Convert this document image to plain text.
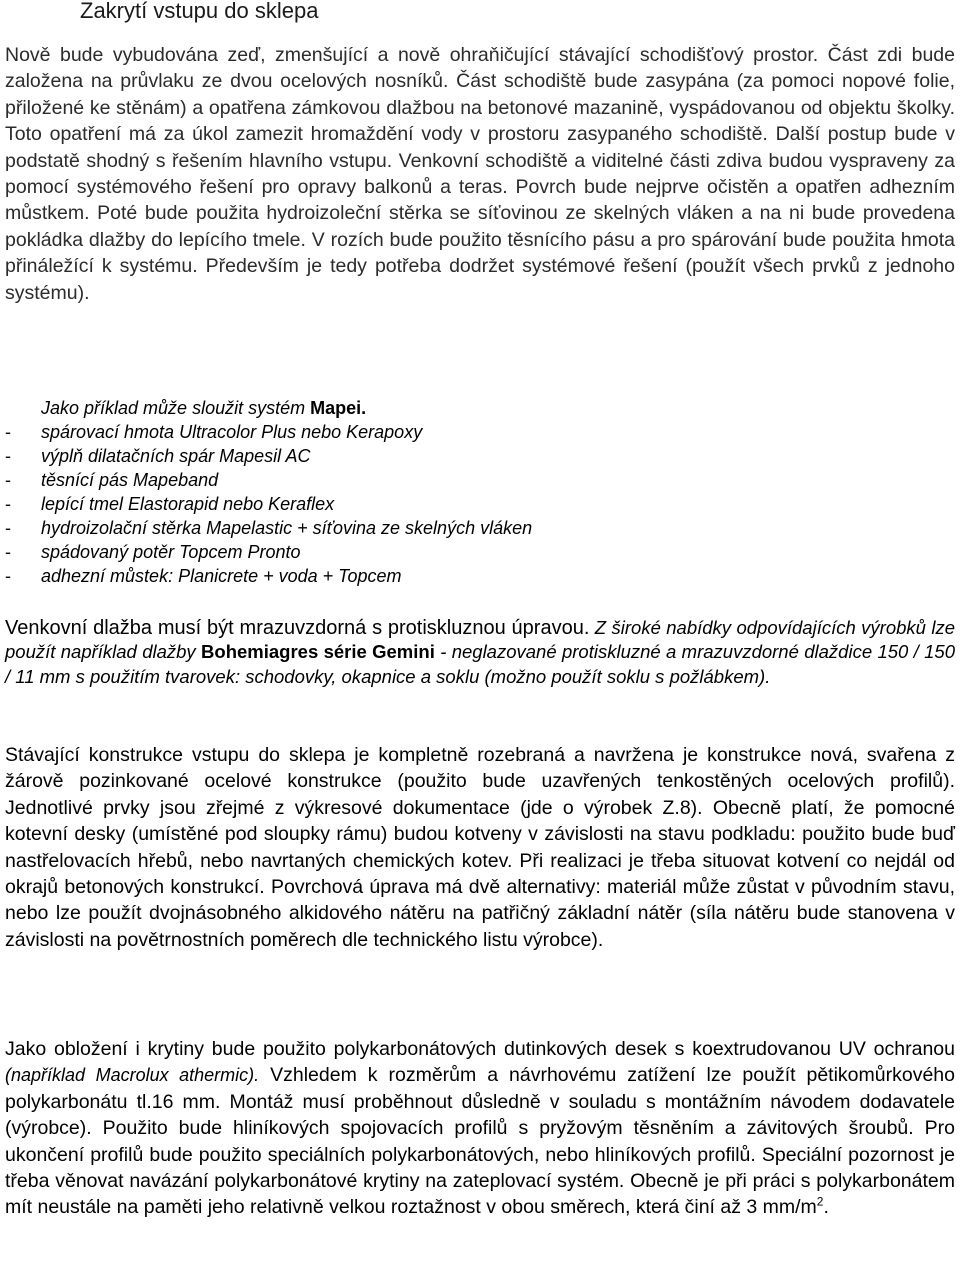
Zakrytí vstupu do sklepa
Nově bude vybudována zeď, zmenšující a nově ohraňičující stávající schodišťový prostor. Část zdi bude založena na průvlaku ze dvou ocelových nosníků. Část schodiště bude zasypána (za pomoci nopové folie, přiložené ke stěnám) a opatřena zámkovou dlažbou na betonové mazanině, vyspádovanou od objektu školky. Toto opatření má za úkol zamezit hromaždění vody v prostoru zasypaného schodiště. Další postup bude v podstatě shodný s řešením hlavního vstupu. Venkovní schodiště a viditelné části zdiva budou vyspraveny za pomocí systémového řešení pro opravy balkonů a teras. Povrch bude nejprve očistěn a opatřen adhezním můstkem. Poté bude použita hydroizoleční stěrka se síťovinou ze skelných vláken a na ni bude provedena pokládka dlažby do lepícího tmele. V rozích bude použito těsnícího pásu a pro spárování bude použita hmota přináležící k systému. Především je tedy potřeba dodržet systémové řešení (použít všech prvků z jednoho systému).
Jako příklad může sloužit systém Mapei.
-	spárovací hmota Ultracolor Plus nebo Kerapoxy
-	výplň dilatačních spár Mapesil AC
-	těsnící pás Mapeband
-	lepící tmel Elastorapid nebo Keraflex
-	hydroizolační stěrka Mapelastic + síťovina ze skelných vláken
-	spádovaný potěr Topcem Pronto
-	adhezní můstek: Planicrete + voda + Topcem
Venkovní dlažba musí být mrazuvzdorná s protiskluznou úpravou. Z široké nabídky odpovídajících výrobků lze použít například dlažby Bohemiagres série Gemini - neglazované protiskluzné a mrazuvzdorné dlaždice 150 / 150 / 11 mm s použitím tvarovek: schodovky, okapnice a soklu (možno použít soklu s požlábkem).
Stávající konstrukce vstupu do sklepa je kompletně rozebraná a navržena je konstrukce nová, svařena z žárově pozinkované ocelové konstrukce (použito bude uzavřených tenkostěných ocelových profilů). Jednotlivé prvky jsou zřejmé z výkresové dokumentace (jde o výrobek Z.8). Obecně platí, že pomocné kotevní desky (umístěné pod sloupky rámu) budou kotveny v závislosti na stavu podkladu: použito bude buď nastřelovacích hřebů, nebo navrtaných chemických kotev. Při realizaci je třeba situovat kotvení co nejdál od okrajů betonových konstrukcí. Povrchová úprava má dvě alternativy: materiál může zůstat v původním stavu, nebo lze použít dvojnásobného alkidového nátěru na patřičný základní nátěr (síla nátěru bude stanovena v závislosti na povětrnostních poměrech dle technického listu výrobce).
Jako obložení i krytiny bude použito polykarbonátových dutinkových desek s koextrudovanou UV ochranou (například Macrolux athermic). Vzhledem k rozměrům a návrhovému zatížení lze použít pětikomůrkového polykarbonátu tl.16 mm. Montáž musí proběhnout důsledně v souladu s montážním návodem dodavatele (výrobce). Použito bude hliníkových spojovacích profilů s pryžovým těsněním a závitových šroubů. Pro ukončení profilů bude použito speciálních polykarbonátových, nebo hliníkových profilů. Speciální pozornost je třeba věnovat navázání polykarbonátové krytiny na zateplovací systém. Obecně je při práci s polykarbonátem mít neustále na paměti jeho relativně velkou roztažnost v obou směrech, která činí až 3 $mm/m^2$.
